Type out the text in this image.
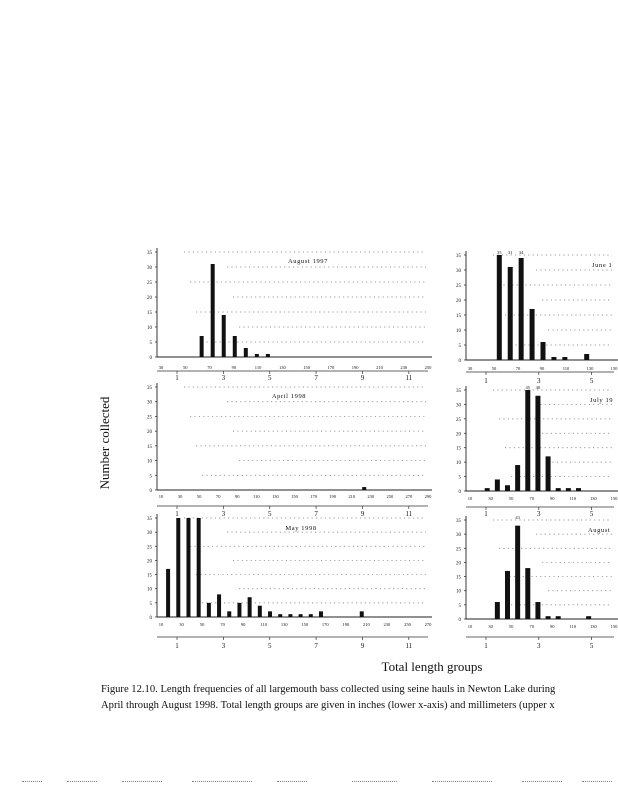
0
5
10
15
20
25
30
35
30	50	70	90	110	130	150	170	190	210	230	250
1	3	5	7	9	11
August 1997
0
5
10
15
20
25
30
35
10	30	50	70	90	110	130	150	170	190	210	230	250	270	290
1	3	5	7	9	11
April 1998
0
5
10
15
20
25
30
35
10	30	50	70	90	110	130	150	170	190	210	230	250	270
1	3	5	7	9	11
May 1998
0
5
10
15
20
25
30
35
35 31 34
30	50	70	90	110	130	150
1	3	5
June 1
0
5
10
15
20
25
30
35
45 40
10	30	50	70	90	110	130	150
1	3	5
July 19
0
5
10
15
20
25
30
35
43
10	30	50	70	90	110	130	150
1	3	5
August
Number collected
Total length groups
Figure 12.10. Length frequencies of all largemouth bass collected using seine hauls in Newton Lake during
April through August 1998. Total length groups are given in inches (lower x-axis) and millimeters (upper x
